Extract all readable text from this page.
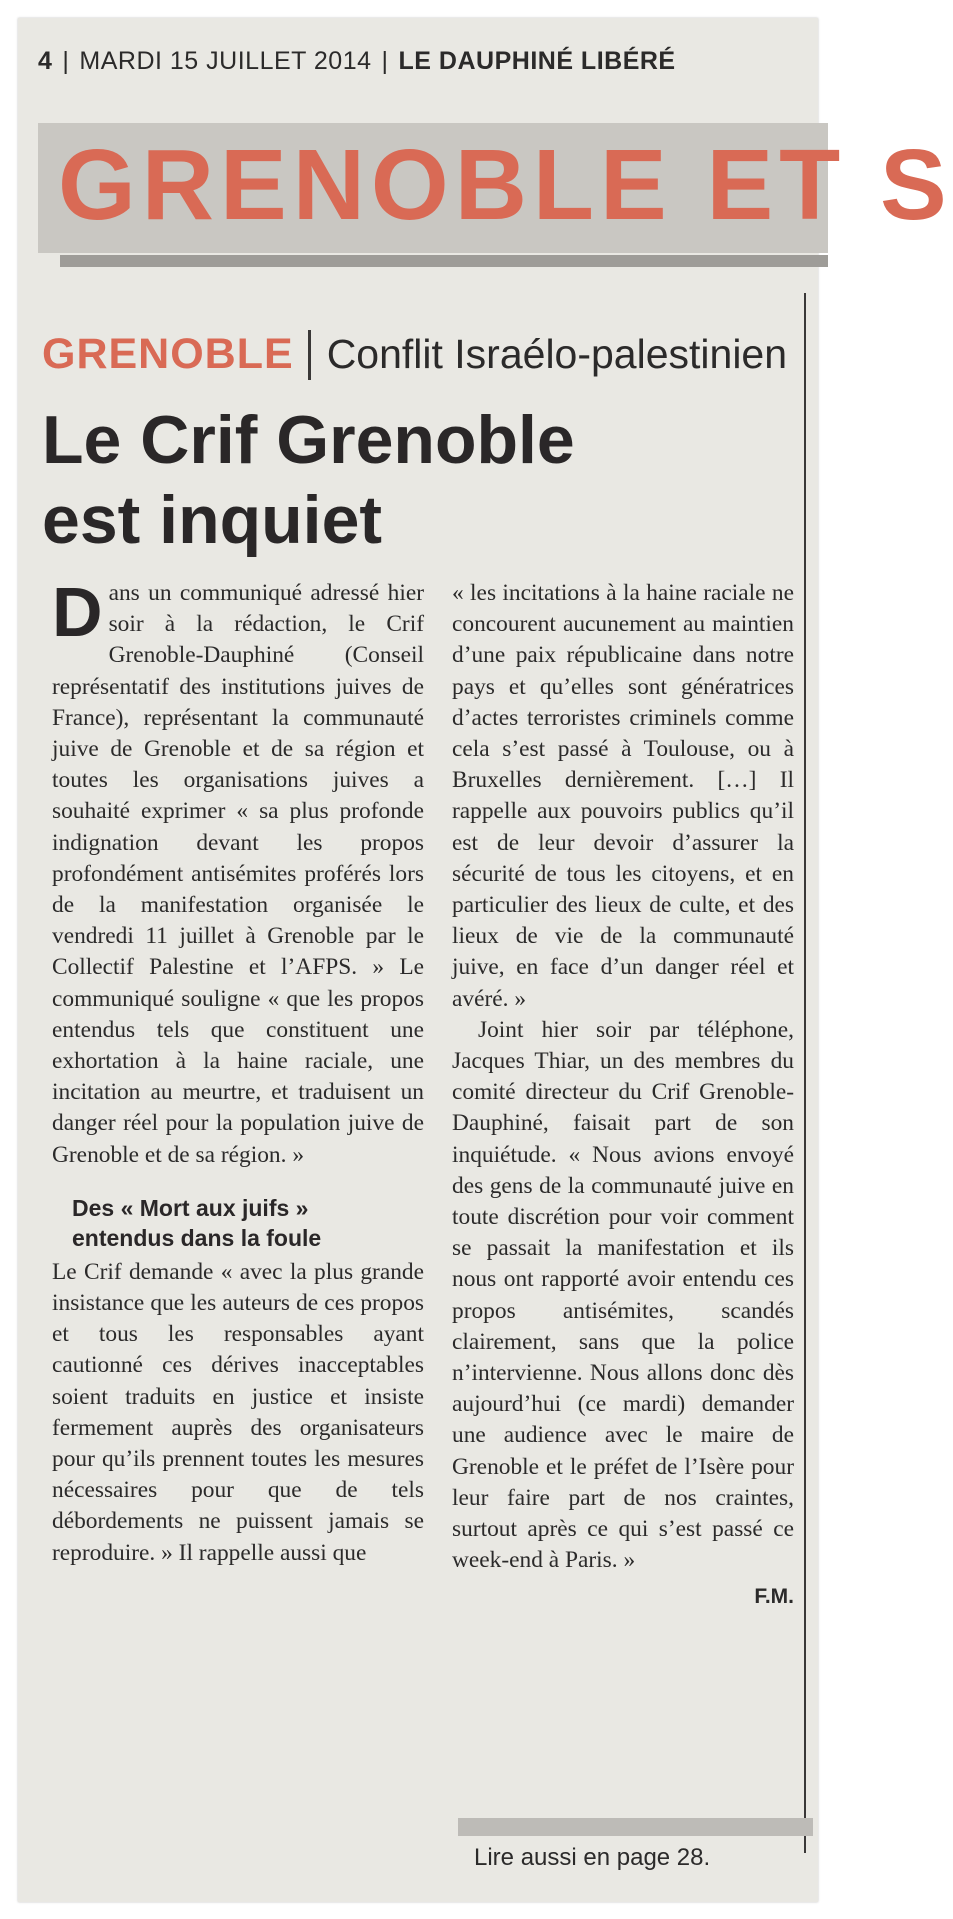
4 | MARDI 15 JUILLET 2014 | LE DAUPHINÉ LIBÉRÉ
GRENOBLE ET S
GRENOBLE Conflit Israélo-palestinien
Le Crif Grenoble
est inquiet

Dans un communiqué adressé hier soir à la rédaction, le Crif Grenoble-Dauphiné (Conseil représentatif des institutions juives de France), représentant la communauté juive de Grenoble et de sa région et toutes les organisations juives a souhaité exprimer « sa plus profonde indignation devant les propos profondément antisémites proférés lors de la manifestation organisée le vendredi 11 juillet à Grenoble par le Collectif Palestine et l’AFPS. » Le communiqué souligne « que les propos entendus tels que constituent une exhortation à la haine raciale, une incitation au meurtre, et traduisent un danger réel pour la population juive de Grenoble et de sa région. »

Des « Mort aux juifs »
entendus dans la foule

Le Crif demande « avec la plus grande insistance que les auteurs de ces propos et tous les responsables ayant cautionné ces dérives inacceptables soient traduits en justice et insiste fermement auprès des organisateurs pour qu’ils prennent toutes les mesures nécessaires pour que de tels débordements ne puissent jamais se reproduire. » Il rappelle aussi que

« les incitations à la haine raciale ne concourent aucunement au maintien d’une paix républicaine dans notre pays et qu’elles sont génératrices d’actes terroristes criminels comme cela s’est passé à Toulouse, ou à Bruxelles dernièrement. […] Il rappelle aux pouvoirs publics qu’il est de leur devoir d’assurer la sécurité de tous les citoyens, et en particulier des lieux de culte, et des lieux de vie de la communauté juive, en face d’un danger réel et avéré. »

Joint hier soir par téléphone, Jacques Thiar, un des membres du comité directeur du Crif Grenoble-Dauphiné, faisait part de son inquiétude. « Nous avions envoyé des gens de la communauté juive en toute discrétion pour voir comment se passait la manifestation et ils nous ont rapporté avoir entendu ces propos antisémites, scandés clairement, sans que la police n’intervienne. Nous allons donc dès aujourd’hui (ce mardi) demander une audience avec le maire de Grenoble et le préfet de l’Isère pour leur faire part de nos craintes, surtout après ce qui s’est passé ce week-end à Paris. »

F.M.
Lire aussi en page 28.
